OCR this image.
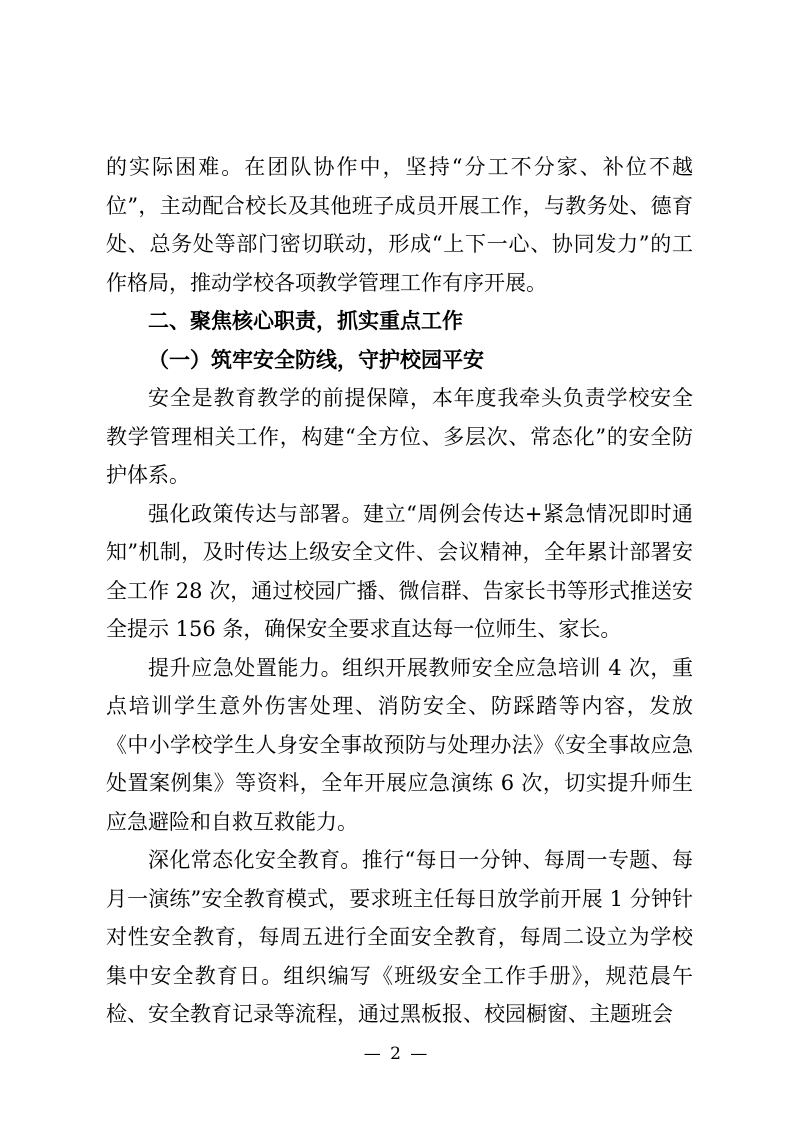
的实际困难。在团队协作中，坚持“分工不分家、补位不越位”，主动配合校长及其他班子成员开展工作，与教务处、德育处、总务处等部门密切联动，形成“上下一心、协同发力”的工作格局，推动学校各项教学管理工作有序开展。

二、聚焦核心职责，抓实重点工作

（一）筑牢安全防线，守护校园平安

安全是教育教学的前提保障，本年度我牵头负责学校安全教学管理相关工作，构建“全方位、多层次、常态化”的安全防护体系。

强化政策传达与部署。建立“周例会传达+紧急情况即时通知”机制，及时传达上级安全文件、会议精神，全年累计部署安全工作 28 次，通过校园广播、微信群、告家长书等形式推送安全提示 156 条，确保安全要求直达每一位师生、家长。

提升应急处置能力。组织开展教师安全应急培训 4 次，重点培训学生意外伤害处理、消防安全、防踩踏等内容，发放《中小学校学生人身安全事故预防与处理办法》《安全事故应急处置案例集》等资料，全年开展应急演练 6 次，切实提升师生应急避险和自救互救能力。

深化常态化安全教育。推行“每日一分钟、每周一专题、每月一演练”安全教育模式，要求班主任每日放学前开展 1 分钟针对性安全教育，每周五进行全面安全教育，每周二设立为学校集中安全教育日。组织编写《班级安全工作手册》，规范晨午检、安全教育记录等流程，通过黑板报、校园橱窗、主题班会

— 2 —
